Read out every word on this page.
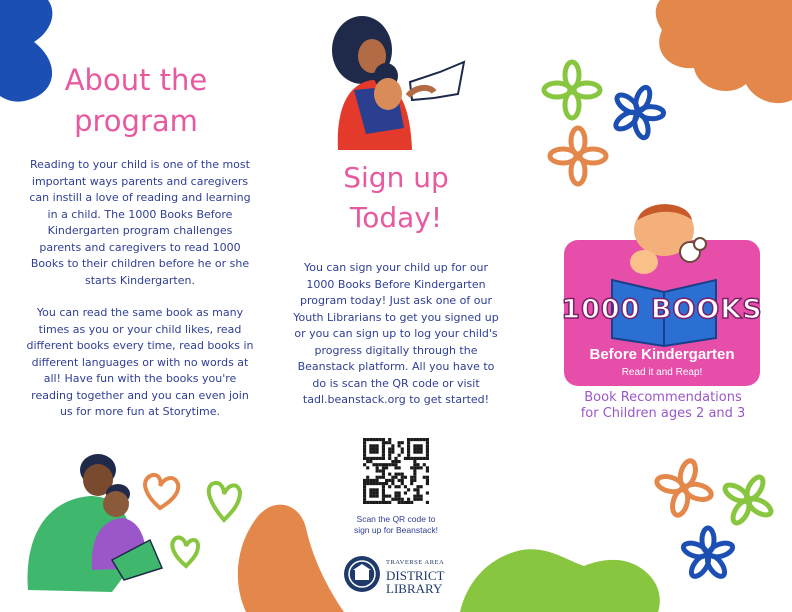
About the
program

Reading to your child is one of the most important ways parents and caregivers can instill a love of reading and learning in a child. The 1000 Books Before Kindergarten program challenges parents and caregivers to read 1000 Books to their children before he or she starts Kindergarten.

You can read the same book as many times as you or your child likes, read different books every time, read books in different languages or with no words at all! Have fun with the books you're reading together and you can even join us for more fun at Storytime.

Sign up
Today!

You can sign your child up for our 1000 Books Before Kindergarten program today! Just ask one of our Youth Librarians to get you signed up or you can sign up to log your child's progress digitally through the Beanstack platform. All you have to do is scan the QR code or visit tadl.beanstack.org to get started!

Scan the QR code to
sign up for Beanstack!
TRAVERSE AREA
DISTRICT
LIBRARY
1000 BOOKS
Before Kindergarten
Read it and Reap!
Book Recommendations
for Children ages 2 and 3
